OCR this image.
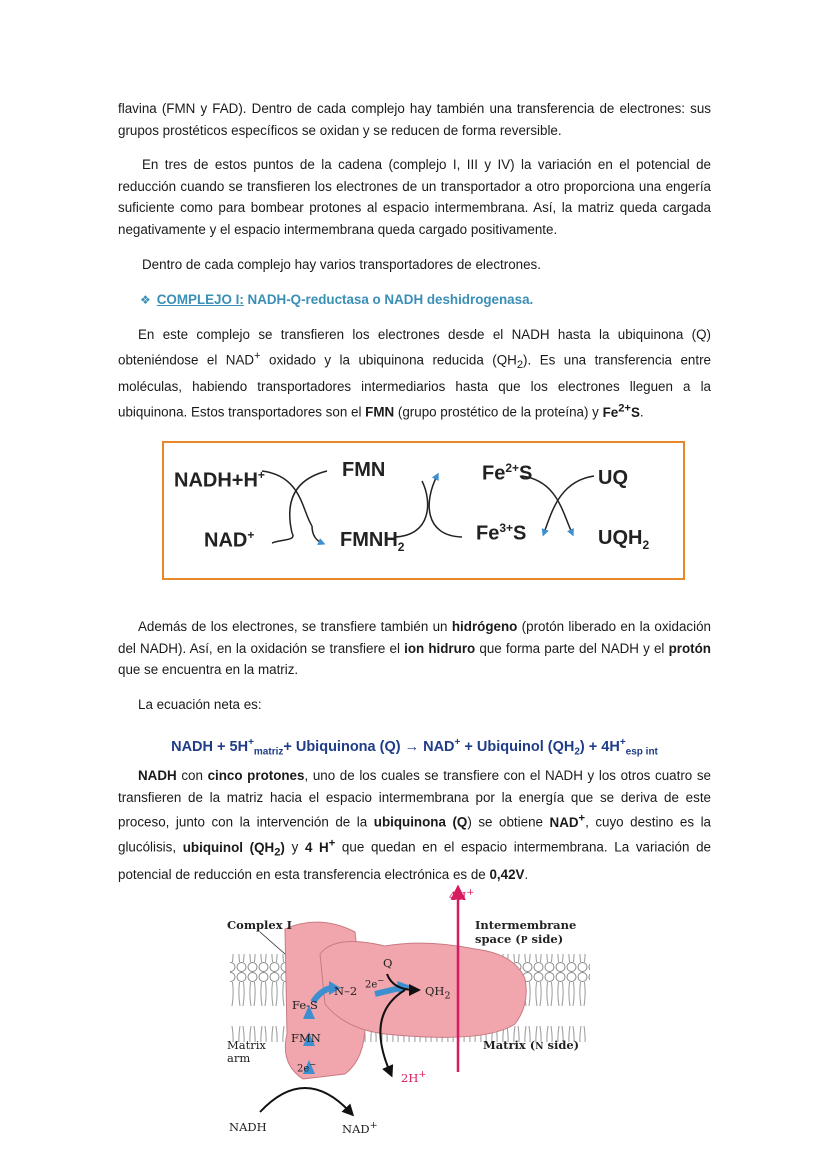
flavina (FMN y FAD). Dentro de cada complejo hay también una transferencia de electrones: sus grupos prostéticos específicos se oxidan y se reducen de forma reversible.

En tres de estos puntos de la cadena (complejo I, III y IV) la variación en el potencial de reducción cuando se transfieren los electrones de un transportador a otro proporciona una engería suficiente como para bombear protones al espacio intermembrana. Así, la matriz queda cargada negativamente y el espacio intermembrana queda cargado positivamente.

Dentro de cada complejo hay varios transportadores de electrones.

❖ COMPLEJO I: NADH-Q-reductasa o NADH deshidrogenasa.

En este complejo se transfieren los electrones desde el NADH hasta la ubiquinona (Q) obteniéndose el NAD+ oxidado y la ubiquinona reducida $(QH_2)$. Es una transferencia entre moléculas, habiendo transportadores intermediarios hasta que los electrones lleguen a la ubiquinona. Estos transportadores son el FMN (grupo prostético de la proteína) y $Fe^{2+}S$.

NADH+H+
NAD+
FMN
$FMNH_2$
$Fe^{2+}S$
$Fe^{3+}S$
UQ
$UQH_2$

Además de los electrones, se transfiere también un hidrógeno (protón liberado en la oxidación del NADH). Así, en la oxidación se transfiere el ion hidruro que forma parte del NADH y el protón que se encuentra en la matriz.

La ecuación neta es:

NADH + $5H^+_{matriz}+$ Ubiquinona (Q) → NAD+ + Ubiquinol $(QH_2) + 4H^+_{esp int}$

NADH con cinco protones, uno de los cuales se transfiere con el NADH y los otros cuatro se transfieren de la matriz hacia el espacio intermembrana por la energía que se deriva de este proceso, junto con la intervención de la ubiquinona (Q) se obtiene NAD+, cuyo destino es la glucólisis, ubiquinol $(QH_2)$ y 4 H+ que quedan en el espacio intermembrana. La variación de potencial de reducción en esta transferencia electrónica es de 0,42V.

4H+
Complex I	Intermembrane
space (P side)
Q
2e−
N–2	$QH_2$
Fe-S
Matrix
arm
FMN
2e−
Matrix (N side)
2H+
NADH	NAD+
